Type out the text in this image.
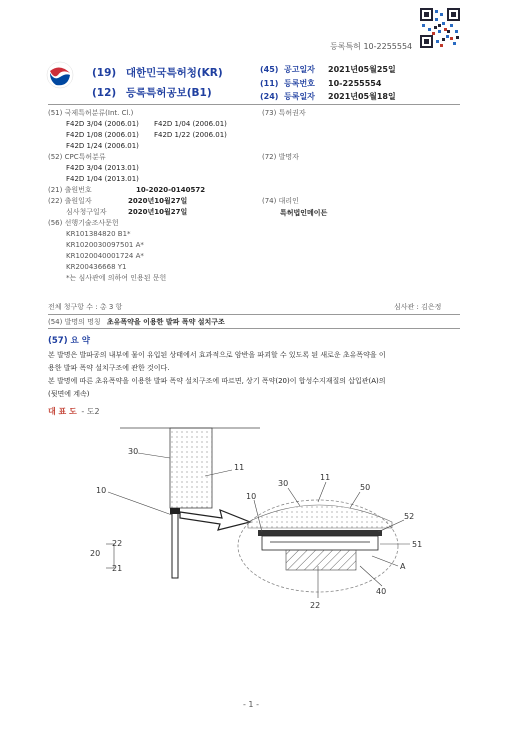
등록특허 10-2255554
(19) 대한민국특허청(KR)
(12) 등록특허공보(B1)
(45) 공고일자 2021년05월25일
(11) 등록번호 10-2255554
(24) 등록일자 2021년05월18일
(51) 국제특허분류(Int. Cl.)
F42D 3/04 (2006.01) F42D 1/04 (2006.01)
F42D 1/08 (2006.01) F42D 1/22 (2006.01)
F42D 1/24 (2006.01)
(52) CPC특허분류
F42D 3/04 (2013.01)
F42D 1/04 (2013.01)
(21) 출원번호	10-2020-0140572
(22) 출원일자	2020년10월27일
심사청구일자	2020년10월27일
(56) 선행기술조사문헌
KR101384820 B1*
KR1020030097501 A*
KR1020040001724 A*
KR200436668 Y1
*는 심사관에 의하여 인용된 문헌
(73) 특허권자
(72) 발명자
(74) 대리인
특허법인메이든
전체 청구항 수 : 총 3 항	심사관 : 김은정
(54) 발명의 명칭 초유폭약을 이용한 발파 폭약 설치구조
(57) 요 약
본 발명은 발파공의 내부에 물이 유입된 상태에서 효과적으로 암반을 파괴할 수 있도록 된 새로운 초유폭약을 이
용한 발파 폭약 설치구조에 관한 것이다.
본 발명에 따른 초유폭약을 이용한 발파 폭약 설치구조에 따르면, 상기 폭약(20)이 합성수지재질의 삽입관(A)의
(뒷면에 계속)
대 표 도 - 도2
30
11
10
22
20
21
10
30
11
50
52
51
A
40
22
- 1 -
